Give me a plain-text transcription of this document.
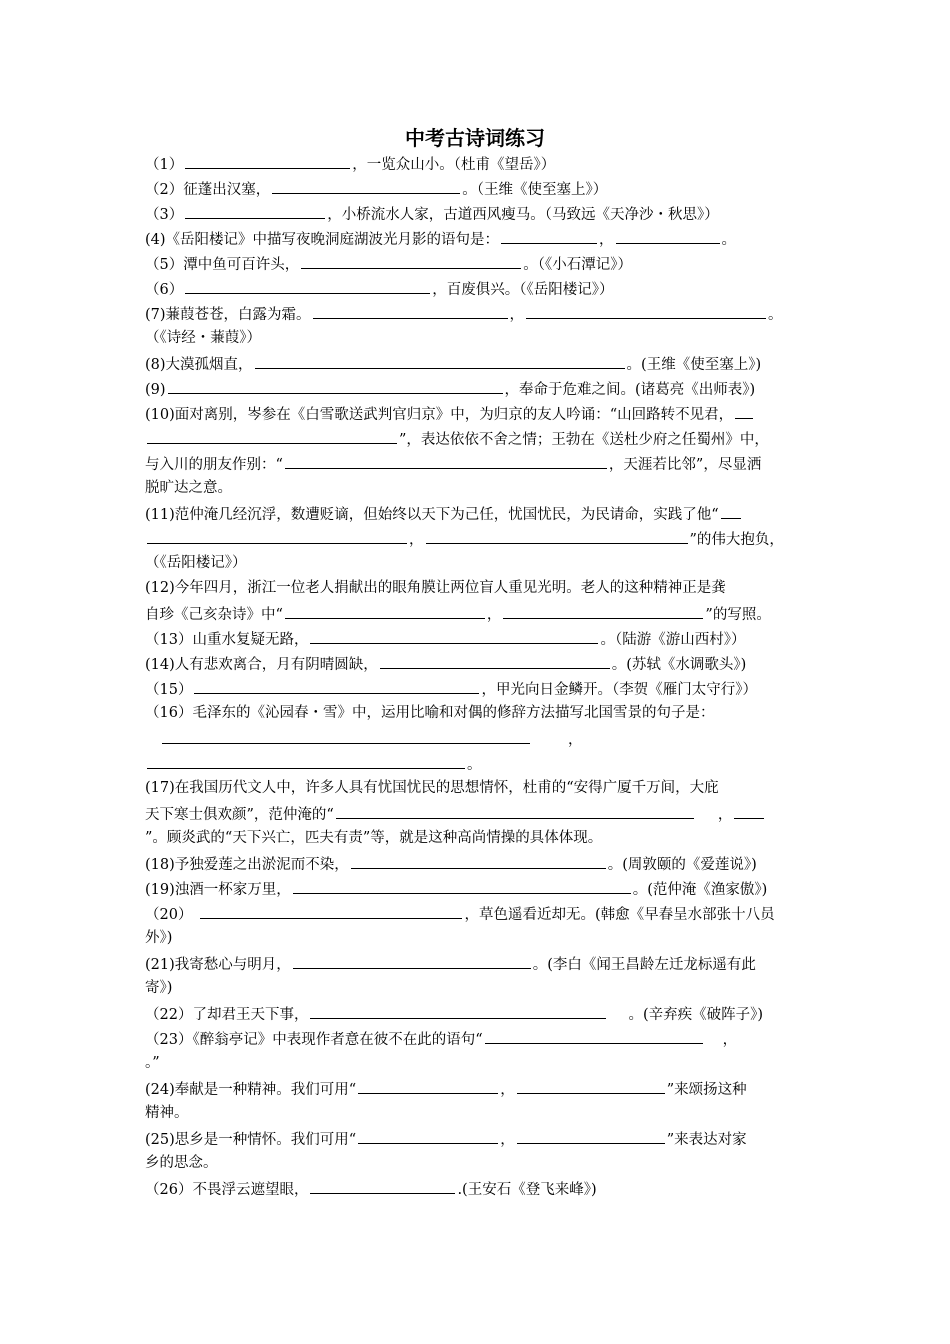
中考古诗词练习
（1）	，一览众山小。（杜甫《望岳》）
（2）征蓬出汉塞，	。（王维《使至塞上》）
（3）	，小桥流水人家，古道西风瘦马。（马致远《天净沙・秋思》）
(4)《岳阳楼记》中描写夜晚洞庭湖波光月影的语句是：	，	。
（5）潭中鱼可百许头，	。（《小石潭记》）
（6）	，百废俱兴。（《岳阳楼记》）
(7)蒹葭苍苍，白露为霜。	，	。
（《诗经・蒹葭》）
(8)大漠孤烟直，	。(王维《使至塞上》)
(9)	，奉命于危难之间。(诸葛亮《出师表》)
(10)面对离别，岑参在《白雪歌送武判官归京》中，为归京的友人吟诵：“山回路转不见君，
”，表达依依不舍之情；王勃在《送杜少府之任蜀州》中，
与入川的朋友作别：“	，天涯若比邻”，尽显洒
脱旷达之意。
(11)范仲淹几经沉浮，数遭贬谪，但始终以天下为己任，忧国忧民，为民请命，实践了他“
，	”的伟大抱负，
（《岳阳楼记》）
(12)今年四月，浙江一位老人捐献出的眼角膜让两位盲人重见光明。老人的这种精神正是龚
自珍《己亥杂诗》中“	，	”的写照。
（13）山重水复疑无路，	。（陆游《游山西村》）
(14)人有悲欢离合，月有阴晴圆缺，	。(苏轼《水调歌头》)
（15）	，甲光向日金鳞开。（李贺《雁门太守行》）
（16）毛泽东的《沁园春・雪》中，运用比喻和对偶的修辞方法描写北国雪景的句子是：
，
。
(17)在我国历代文人中，许多人具有忧国忧民的思想情怀，杜甫的“安得广厦千万间，大庇
天下寒士俱欢颜”，范仲淹的“	，
”。顾炎武的“天下兴亡，匹夫有责”等，就是这种高尚情操的具体体现。
(18)予独爱莲之出淤泥而不染，	。(周敦颐的《爱莲说》)
(19)浊酒一杯家万里，	。(范仲淹《渔家傲》)
（20）	，草色遥看近却无。(韩愈《早春呈水部张十八员
外》)
(21)我寄愁心与明月，	。(李白《闻王昌龄左迁龙标遥有此
寄》)
（22）了却君王天下事，	。(辛弃疾《破阵子》)
（23）《醉翁亭记》中表现作者意在彼不在此的语句“	，
。”
(24)奉献是一种精神。我们可用“	，	”来颂扬这种
精神。
(25)思乡是一种情怀。我们可用“	，	”来表达对家
乡的思念。
（26）不畏浮云遮望眼，	.(王安石《登飞来峰》)
